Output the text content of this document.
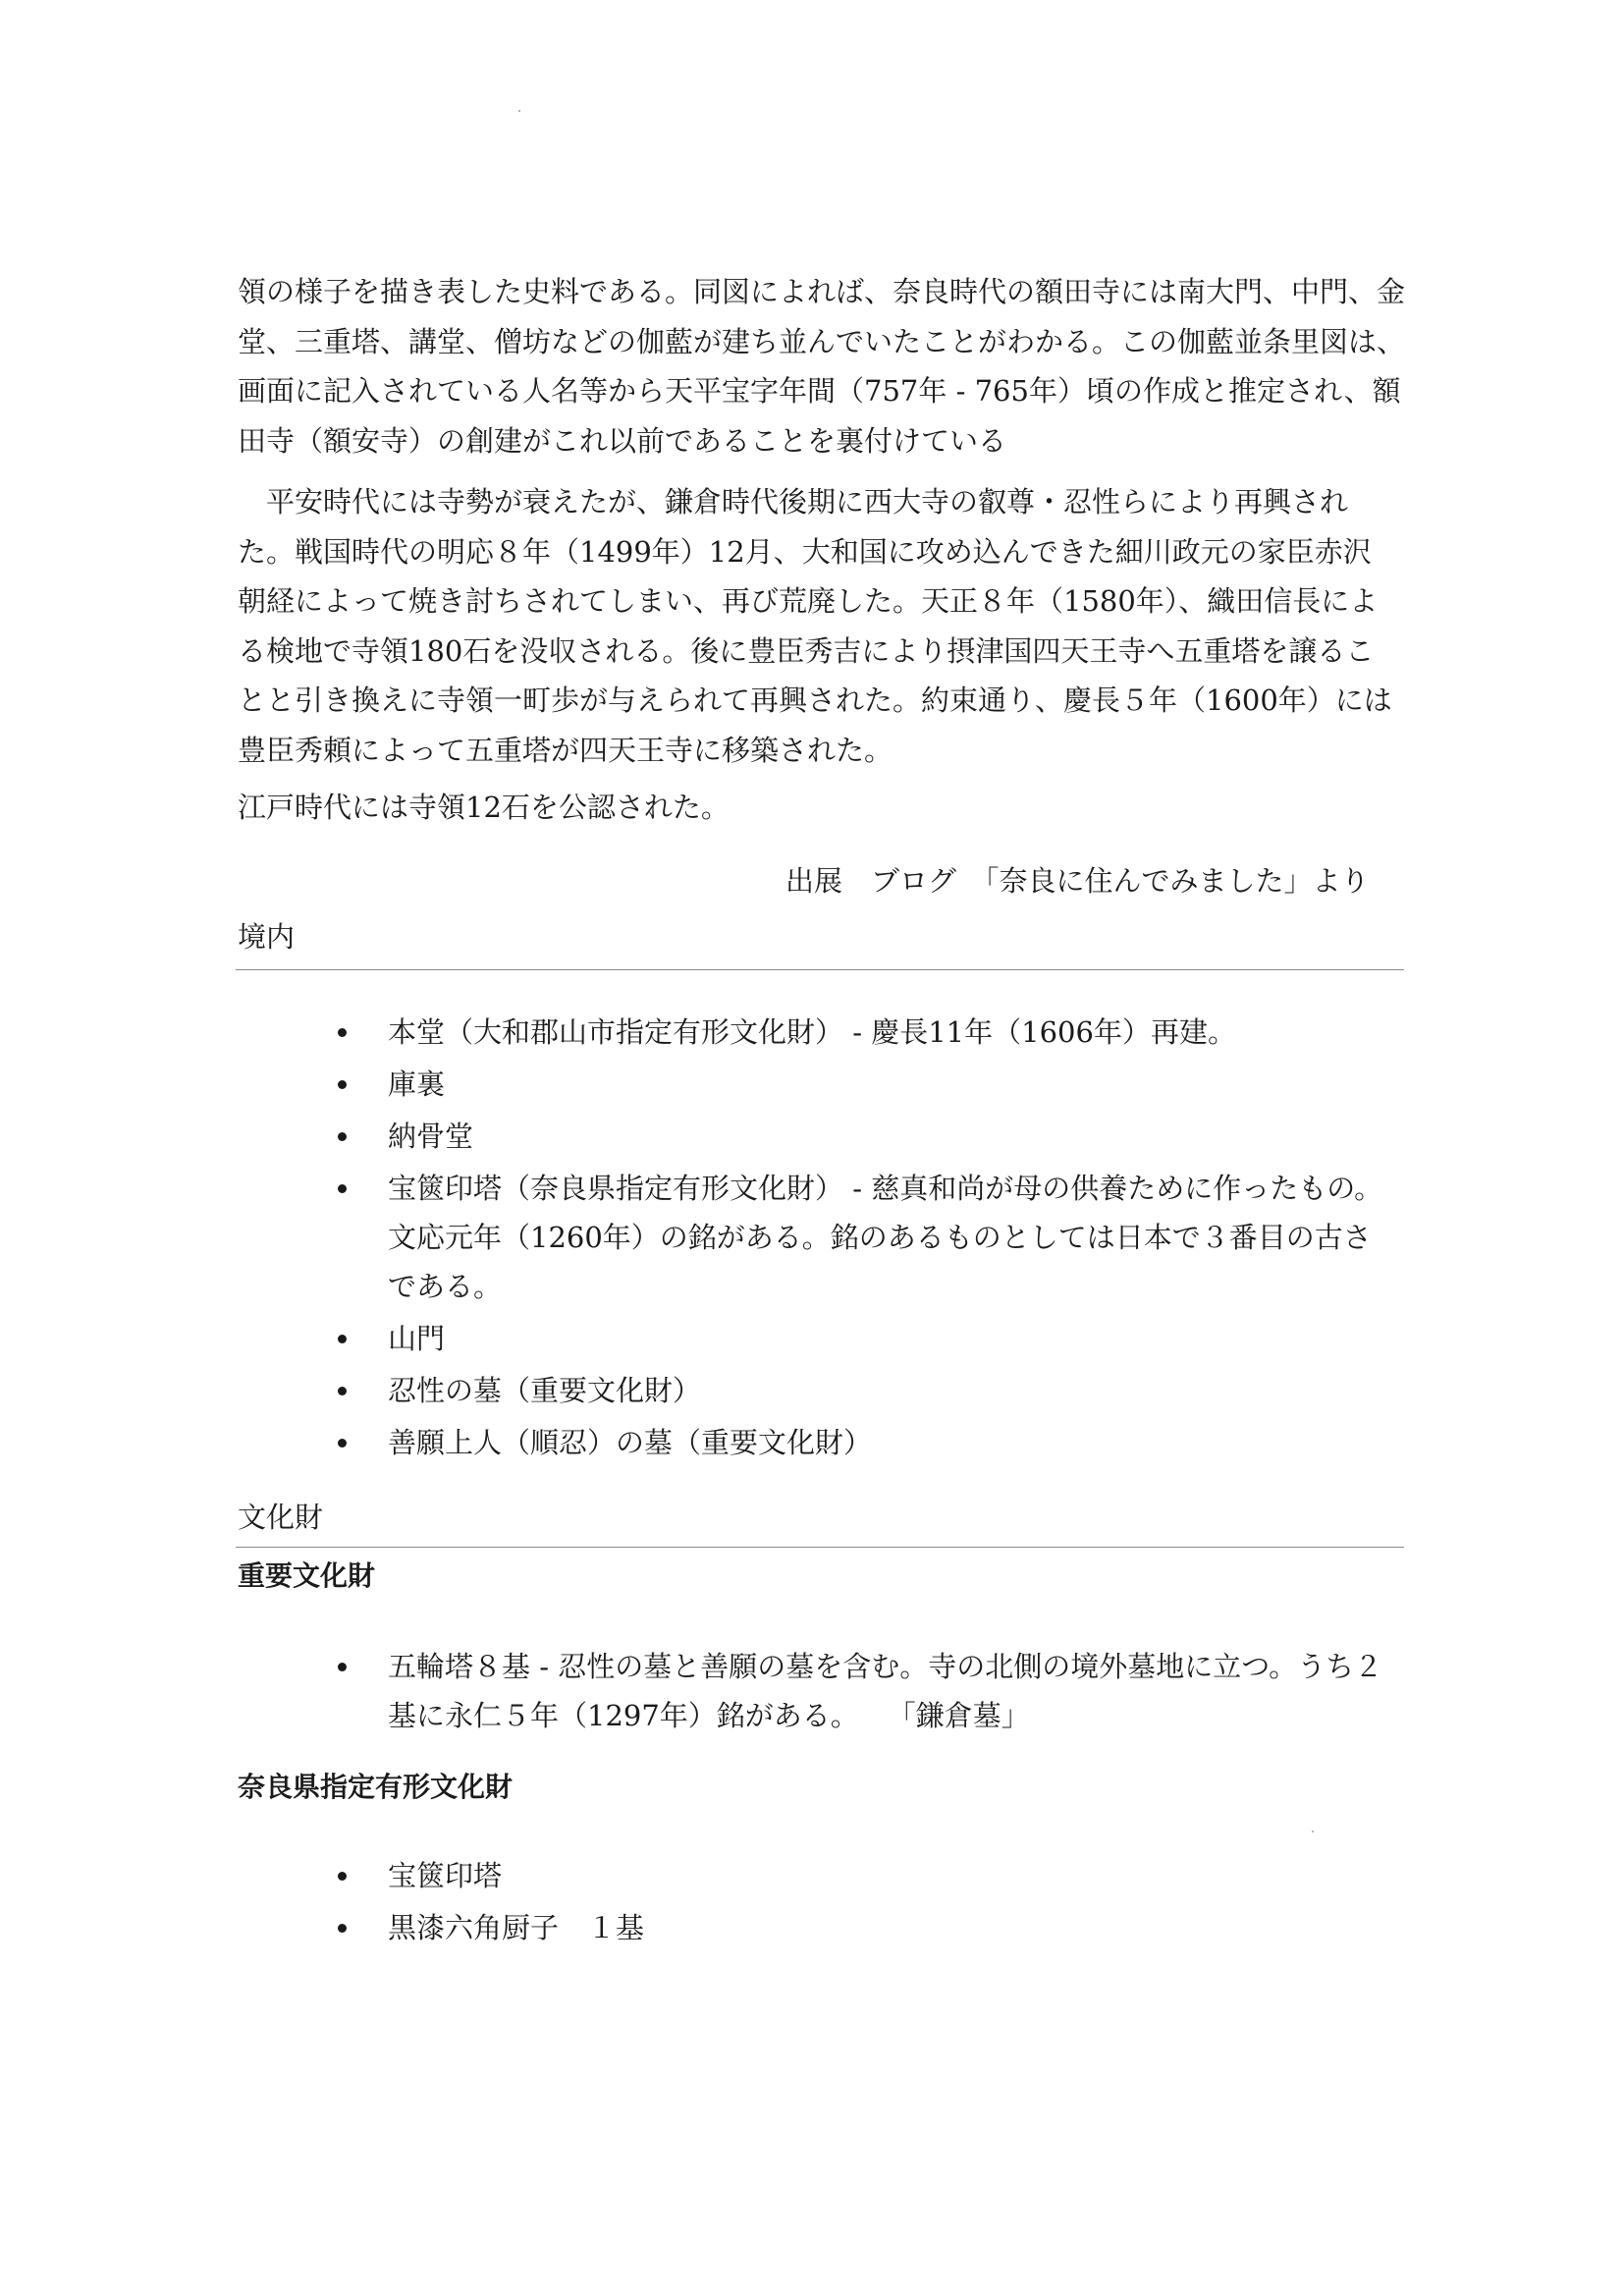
領の様子を描き表した史料である。同図によれば、奈良時代の額田寺には南大門、中門、金
堂、三重塔、講堂、僧坊などの伽藍が建ち並んでいたことがわかる。この伽藍並条里図は、
画面に記入されている人名等から天平宝字年間（757年 - 765年）頃の作成と推定され、額
田寺（額安寺）の創建がこれ以前であることを裏付けている

　平安時代には寺勢が衰えたが、鎌倉時代後期に西大寺の叡尊・忍性らにより再興され
た。戦国時代の明応８年（1499年）12月、大和国に攻め込んできた細川政元の家臣赤沢
朝経によって焼き討ちされてしまい、再び荒廃した。天正８年（1580年）、織田信長によ
る検地で寺領180石を没収される。後に豊臣秀吉により摂津国四天王寺へ五重塔を譲るこ
とと引き換えに寺領一町歩が与えられて再興された。約束通り、慶長５年（1600年）には
豊臣秀頼によって五重塔が四天王寺に移築された。

江戸時代には寺領12石を公認された。

出展　ブログ　「奈良に住んでみました」より
境内
本堂（大和郡山市指定有形文化財） - 慶長11年（1606年）再建。
庫裏
納骨堂
宝篋印塔（奈良県指定有形文化財） - 慈真和尚が母の供養ために作ったもの。文応元年（1260年）の銘がある。銘のあるものとしては日本で３番目の古さである。
山門
忍性の墓（重要文化財）
善願上人（順忍）の墓（重要文化財）
文化財
重要文化財
五輪塔８基 - 忍性の墓と善願の墓を含む。寺の北側の境外墓地に立つ。うち２基に永仁５年（1297年）銘がある。　　「鎌倉墓」
奈良県指定有形文化財
宝篋印塔
黒漆六角厨子　１基
